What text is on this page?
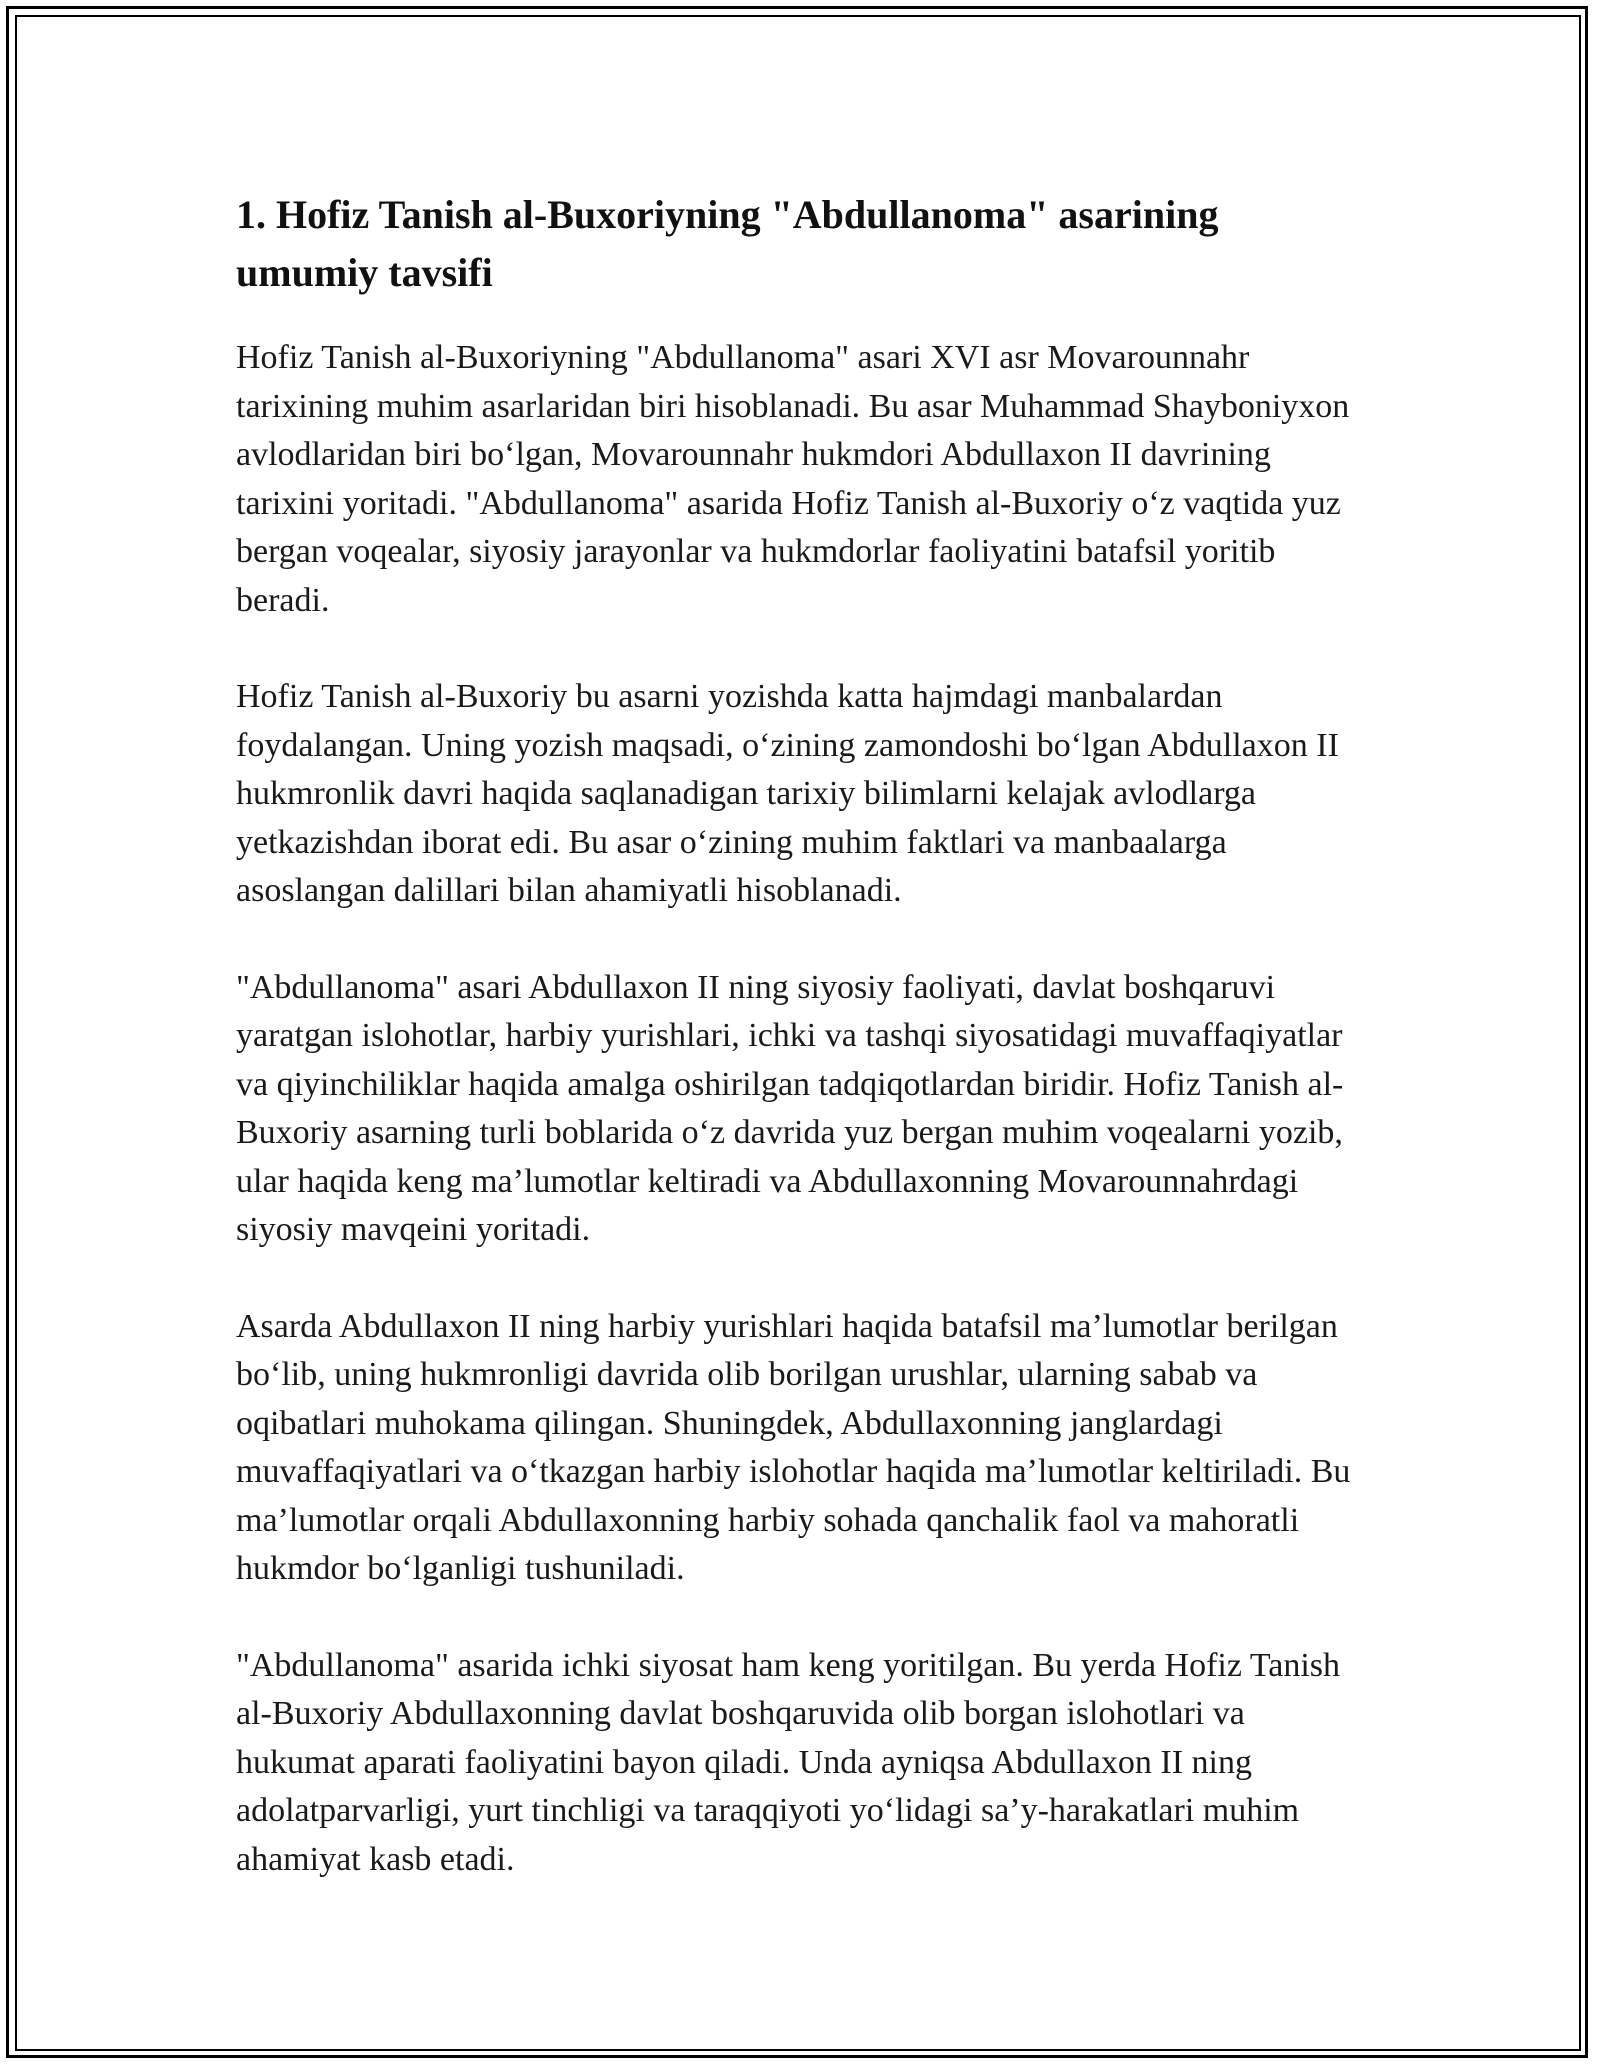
1. Hofiz Tanish al-Buxoriyning "Abdullanoma" asarining umumiy tavsifi

Hofiz Tanish al-Buxoriyning "Abdullanoma" asari XVI asr Movarounnahr tarixining muhim asarlaridan biri hisoblanadi. Bu asar Muhammad Shayboniyxon avlodlaridan biri bo‘lgan, Movarounnahr hukmdori Abdullaxon II davrining tarixini yoritadi. "Abdullanoma" asarida Hofiz Tanish al-Buxoriy o‘z vaqtida yuz bergan voqealar, siyosiy jarayonlar va hukmdorlar faoliyatini batafsil yoritib beradi.

Hofiz Tanish al-Buxoriy bu asarni yozishda katta hajmdagi manbalardan foydalangan. Uning yozish maqsadi, o‘zining zamondoshi bo‘lgan Abdullaxon II hukmronlik davri haqida saqlanadigan tarixiy bilimlarni kelajak avlodlarga yetkazishdan iborat edi. Bu asar o‘zining muhim faktlari va manbaalarga asoslangan dalillari bilan ahamiyatli hisoblanadi.

"Abdullanoma" asari Abdullaxon II ning siyosiy faoliyati, davlat boshqaruvi yaratgan islohotlar, harbiy yurishlari, ichki va tashqi siyosatidagi muvaffaqiyatlar va qiyinchiliklar haqida amalga oshirilgan tadqiqotlardan biridir. Hofiz Tanish al-Buxoriy asarning turli boblarida o‘z davrida yuz bergan muhim voqealarni yozib, ular haqida keng ma’lumotlar keltiradi va Abdullaxonning Movarounnahrdagi siyosiy mavqeini yoritadi.

Asarda Abdullaxon II ning harbiy yurishlari haqida batafsil ma’lumotlar berilgan bo‘lib, uning hukmronligi davrida olib borilgan urushlar, ularning sabab va oqibatlari muhokama qilingan. Shuningdek, Abdullaxonning janglardagi muvaffaqiyatlari va o‘tkazgan harbiy islohotlar haqida ma’lumotlar keltiriladi. Bu ma’lumotlar orqali Abdullaxonning harbiy sohada qanchalik faol va mahoratli hukmdor bo‘lganligi tushuniladi.

"Abdullanoma" asarida ichki siyosat ham keng yoritilgan. Bu yerda Hofiz Tanish al-Buxoriy Abdullaxonning davlat boshqaruvida olib borgan islohotlari va hukumat aparati faoliyatini bayon qiladi. Unda ayniqsa Abdullaxon II ning adolatparvarligi, yurt tinchligi va taraqqiyoti yo‘lidagi sa’y-harakatlari muhim ahamiyat kasb etadi.
